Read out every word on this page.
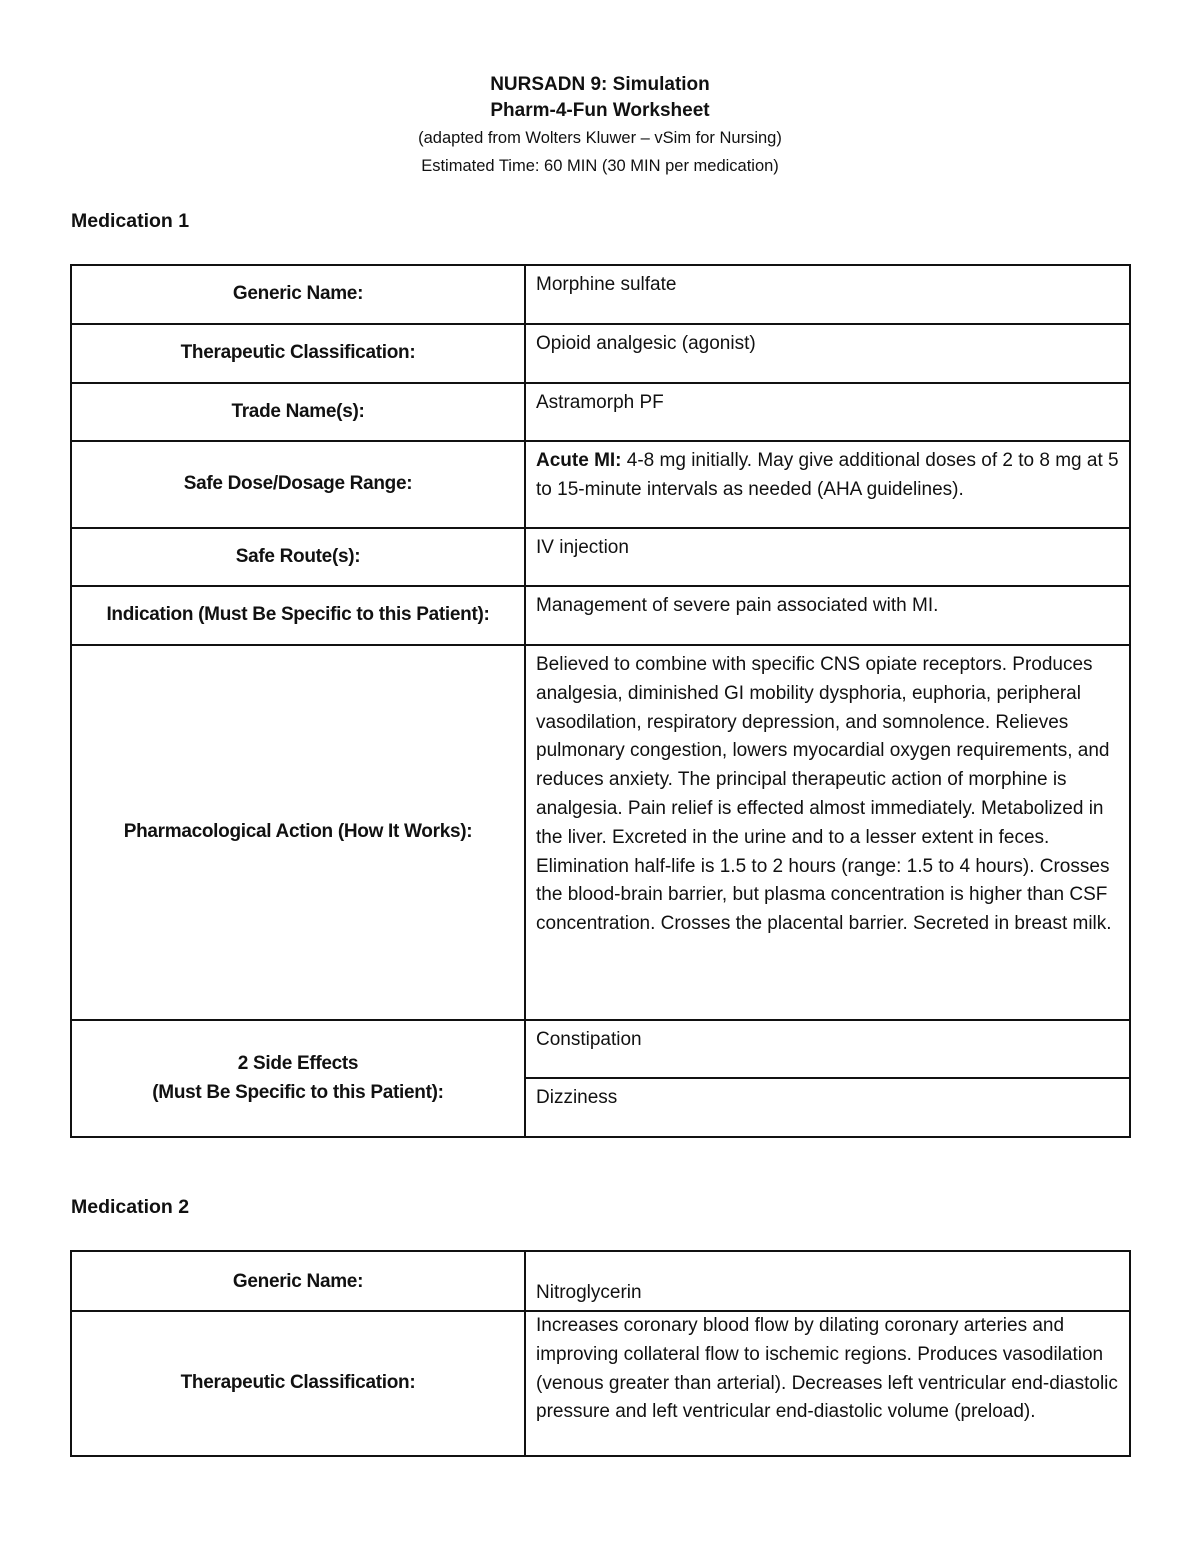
NURSADN 9: Simulation
Pharm-4-Fun Worksheet
(adapted from Wolters Kluwer – vSim for Nursing)
Estimated Time: 60 MIN (30 MIN per medication)
Medication 1
Generic Name:	Morphine sulfate
Therapeutic Classification:	Opioid analgesic (agonist)
Trade Name(s):	Astramorph PF
Safe Dose/Dosage Range:	Acute MI: 4-8 mg initially. May give additional doses of 2 to 8 mg at 5 to 15-minute intervals as needed (AHA guidelines).
Safe Route(s):	IV injection
Indication (Must Be Specific to this Patient):	Management of severe pain associated with MI.
Pharmacological Action (How It Works):	Believed to combine with specific CNS opiate receptors. Produces analgesia, diminished GI mobility dysphoria, euphoria, peripheral vasodilation, respiratory depression, and somnolence. Relieves pulmonary congestion, lowers myocardial oxygen requirements, and reduces anxiety. The principal therapeutic action of morphine is analgesia. Pain relief is effected almost immediately. Metabolized in the liver. Excreted in the urine and to a lesser extent in feces. Elimination half-life is 1.5 to 2 hours (range: 1.5 to 4 hours). Crosses the blood-brain barrier, but plasma concentration is higher than CSF concentration. Crosses the placental barrier. Secreted in breast milk.

2 Side Effects
(Must Be Specific to this Patient):	Constipation
	Dizziness
Medication 2
Generic Name:	Nitroglycerin
Therapeutic Classification:	Increases coronary blood flow by dilating coronary arteries and improving collateral flow to ischemic regions. Produces vasodilation (venous greater than arterial). Decreases left ventricular end-diastolic pressure and left ventricular end-diastolic volume (preload).
